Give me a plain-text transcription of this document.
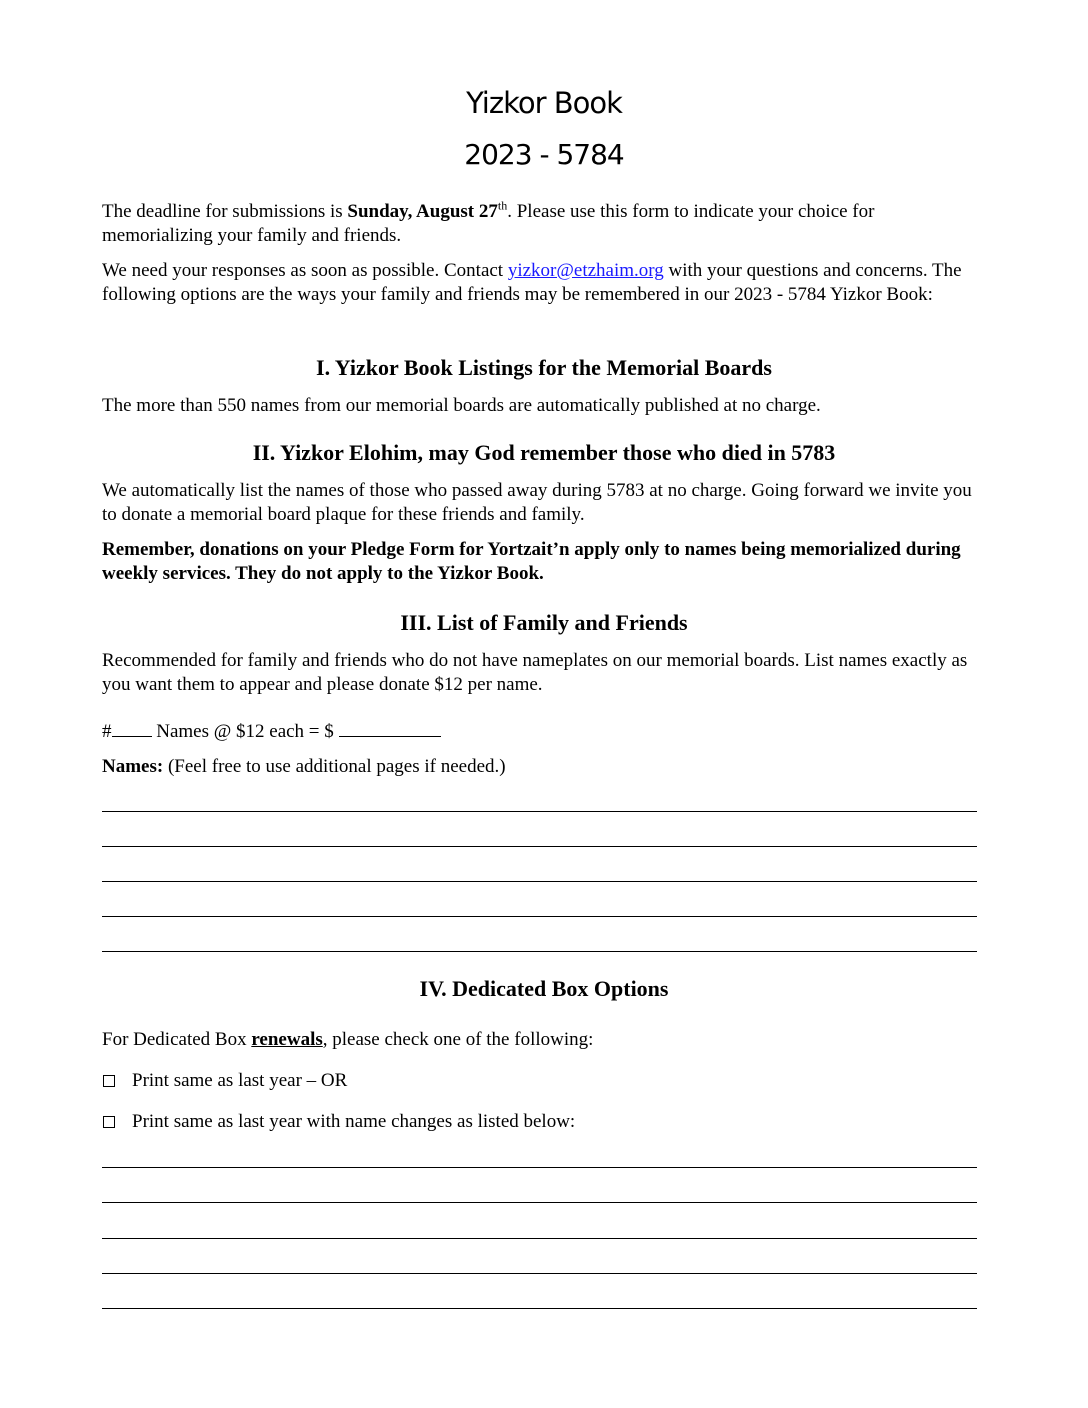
Yizkor Book
2023 - 5784

The deadline for submissions is Sunday, August 27th. Please use this form to indicate your choice for memorializing your family and friends.

We need your responses as soon as possible. Contact yizkor@etzhaim.org with your questions and concerns. The following options are the ways your family and friends may be remembered in our 2023 - 5784 Yizkor Book:

I. Yizkor Book Listings for the Memorial Boards

The more than 550 names from our memorial boards are automatically published at no charge.

II. Yizkor Elohim, may God remember those who died in 5783

We automatically list the names of those who passed away during 5783 at no charge. Going forward we invite you to donate a memorial board plaque for these friends and family.

Remember, donations on your Pledge Form for Yortzait’n apply only to names being memorialized during weekly services. They do not apply to the Yizkor Book.

III. List of Family and Friends

Recommended for family and friends who do not have nameplates on our memorial boards. List names exactly as you want them to appear and please donate $12 per name.

# Names @ $12 each = $

Names: (Feel free to use additional pages if needed.)

IV. Dedicated Box Options

For Dedicated Box renewals, please check one of the following:

Print same as last year – OR
Print same as last year with name changes as listed below:
